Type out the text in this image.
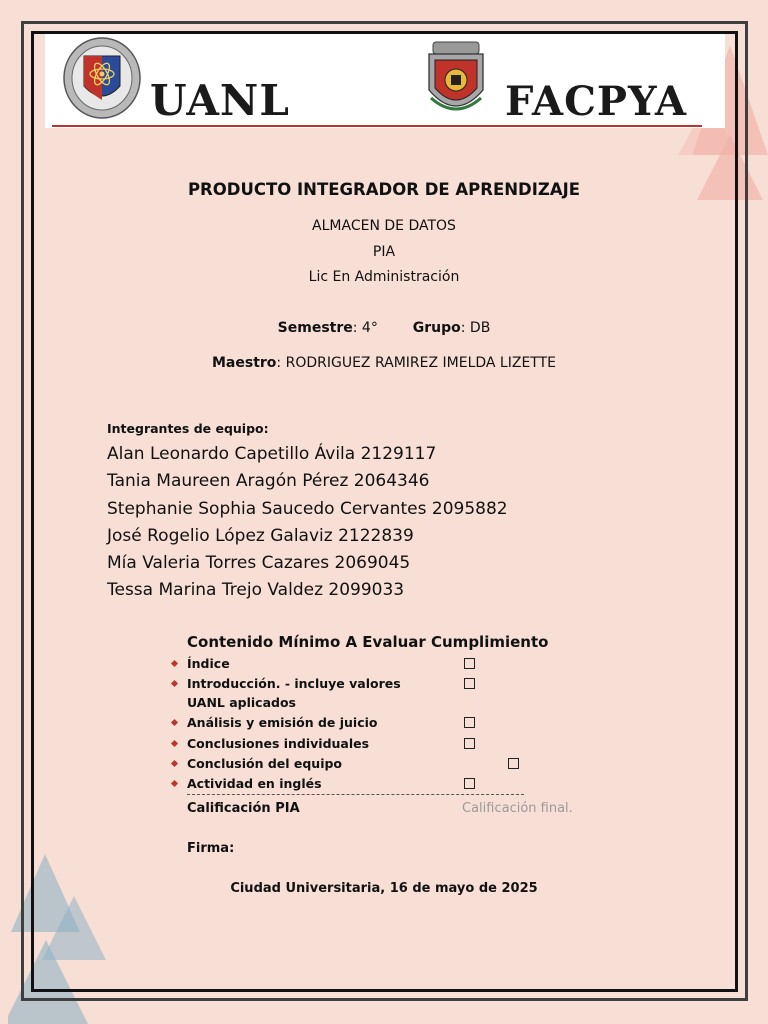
UANL	FACPYA
PRODUCTO INTEGRADOR DE APRENDIZAJE
ALMACEN DE DATOS
PIA
Lic En Administración
Semestre: 4° Grupo: DB
Maestro: RODRIGUEZ RAMIREZ IMELDA LIZETTE
Integrantes de equipo:
Alan Leonardo Capetillo Ávila 2129117
Tania Maureen Aragón Pérez 2064346
Stephanie Sophia Saucedo Cervantes 2095882
José Rogelio López Galaviz 2122839
Mía Valeria Torres Cazares 2069045
Tessa Marina Trejo Valdez 2099033
Contenido Mínimo A Evaluar Cumplimiento
Índice
Introducción. - incluye valores
UANL aplicados
Análisis y emisión de juicio
Conclusiones individuales
Conclusión del equipo
Actividad en inglés
Calificación PIA	Calificación final.
Firma:
Ciudad Universitaria, 16 de mayo de 2025
